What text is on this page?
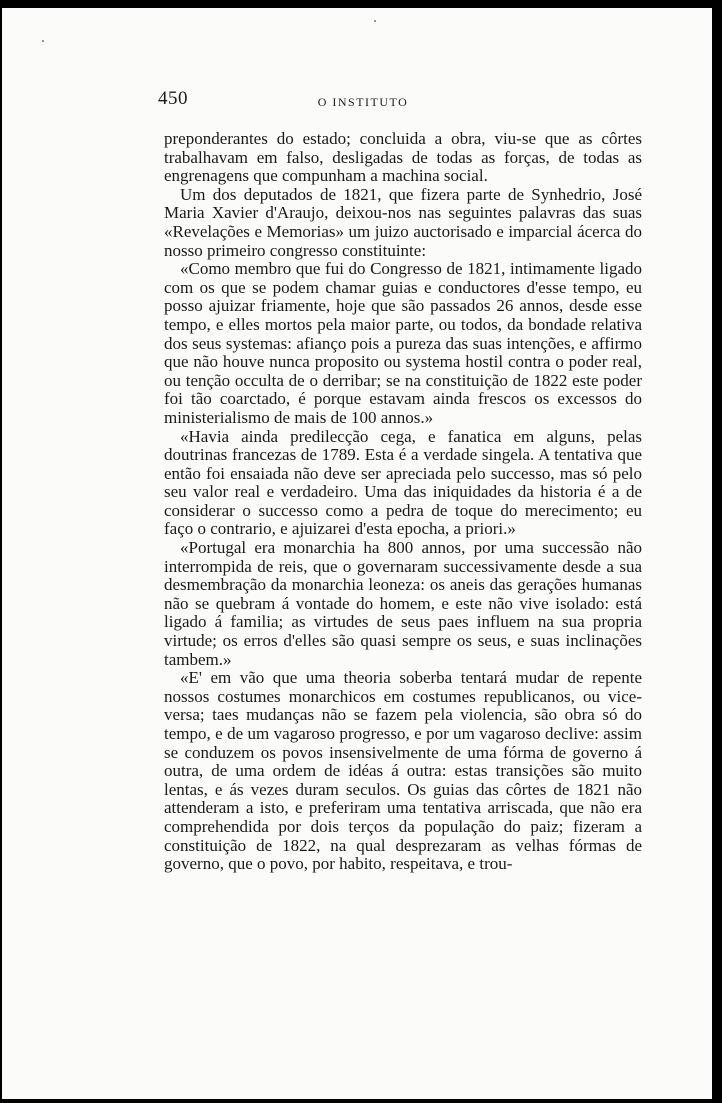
450	O INSTITUTO

preponderantes do estado; concluida a obra, viu-se que as côrtes trabalhavam em falso, desligadas de todas as forças, de todas as engrenagens que compunham a machina social.

Um dos deputados de 1821, que fizera parte de Synhedrio, José Maria Xavier d'Araujo, deixou-nos nas seguintes palavras das suas «Revelações e Memorias» um juizo auctorisado e imparcial ácerca do nosso primeiro congresso constituinte:

«Como membro que fui do Congresso de 1821, intimamente ligado com os que se podem chamar guias e conductores d'esse tempo, eu posso ajuizar friamente, hoje que são passados 26 annos, desde esse tempo, e elles mortos pela maior parte, ou todos, da bondade relativa dos seus systemas: afianço pois a pureza das suas intenções, e affirmo que não houve nunca proposito ou systema hostil contra o poder real, ou tenção occulta de o derribar; se na constituição de 1822 este poder foi tão coarctado, é porque estavam ainda frescos os excessos do ministerialismo de mais de 100 annos.»

«Havia ainda predilecção cega, e fanatica em alguns, pelas doutrinas francezas de 1789. Esta é a verdade singela. A tentativa que então foi ensaiada não deve ser apreciada pelo successo, mas só pelo seu valor real e verdadeiro. Uma das iniquidades da historia é a de considerar o successo como a pedra de toque do merecimento; eu faço o contrario, e ajuizarei d'esta epocha, a priori.»

«Portugal era monarchia ha 800 annos, por uma successão não interrompida de reis, que o governaram successivamente desde a sua desmembração da monarchia leoneza: os aneis das gerações humanas não se quebram á vontade do homem, e este não vive isolado: está ligado á familia; as virtudes de seus paes influem na sua propria virtude; os erros d'elles são quasi sempre os seus, e suas inclinações tambem.»

«E' em vão que uma theoria soberba tentará mudar de repente nossos costumes monarchicos em costumes republicanos, ou vice-versa; taes mudanças não se fazem pela violencia, são obra só do tempo, e de um vagaroso progresso, e por um vagaroso declive: assim se conduzem os povos insensivelmente de uma fórma de governo á outra, de uma ordem de idéas á outra: estas transições são muito lentas, e ás vezes duram seculos. Os guias das côrtes de 1821 não attenderam a isto, e preferiram uma tentativa arriscada, que não era comprehendida por dois terços da população do paiz; fizeram a constituição de 1822, na qual desprezaram as velhas fórmas de governo, que o povo, por habito, respeitava, e trou-
